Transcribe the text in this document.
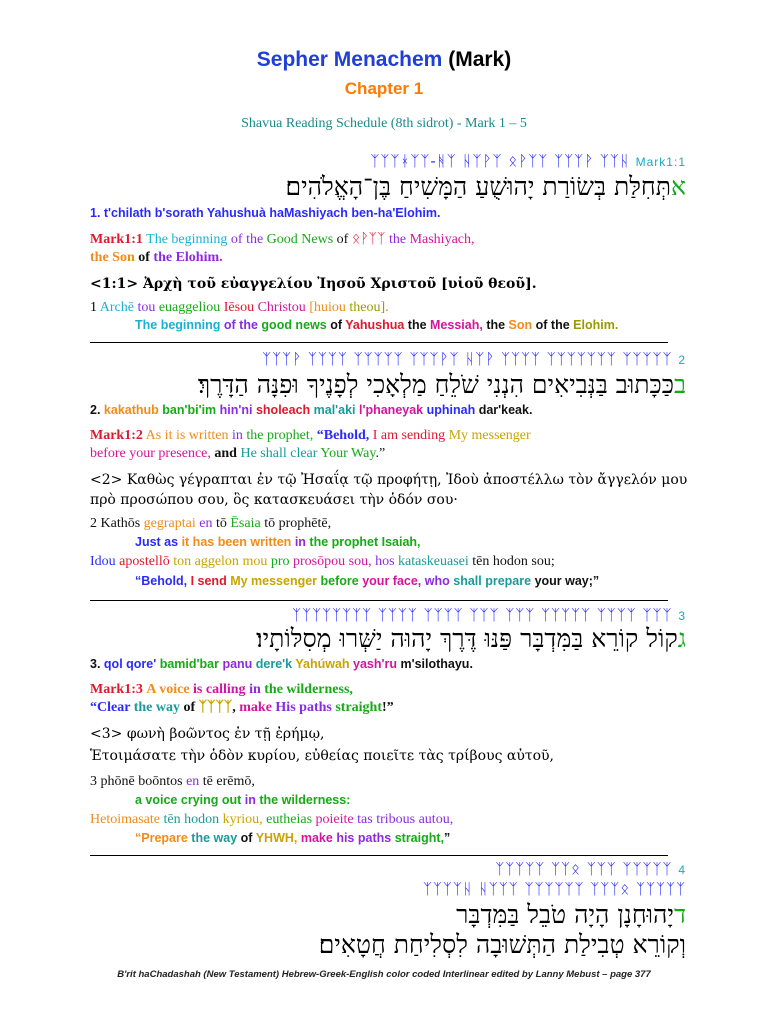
Sepher Menachem (Mark)
Chapter 1
Shavua Reading Schedule (8th sidrot) - Mark 1 – 5
ᛉᛉᛉᚼᛉᛉ-ᚻᛉ ᚺᛉᚹᛉ ᛟᚹᛉᛉ ᛉᛉᛉᚹ ᛉᛉᚺ Mark1:1
אתְּחִלַּת בְּשׂוֹרַת יָהוּשֻׁעַ הַמָּשִׁיחַ בֶּן־הָאֱלֹהִים׃
1. t'chilath b'sorath Yahushuà haMashiyach ben-ha'Elohim.
Mark1:1 The beginning of the Good News of ᛟᚹᛉᛉ the Mashiyach,
the Son of the Elohim.
<1:1> Ἀρχὴ τοῦ εὐαγγελίου Ἰησοῦ Χριστοῦ [υἱοῦ θεοῦ].
1 Archē tou euaggeliou Iēsou Christou [huiou theou].
The beginning of the good news of Yahushua the Messiah, the Son of the Elohim.
ᛉᛉᛉᚹ ᛉᛉᛉᛉ ᛉᛉᛉᛉᛉ ᛉᛉᛉᚹᛉ ᚺᛉᚹ ᛉᛉᛉᛉ ᛉᛉᛉᛉᛉᛉᛉ ᛉᛉᛉᛉᛉ 2
בכַּכָּתוּב בַּנְּבִיאִים הִנְנִי שֹׁלֵחַ מַלְאָכִי לְפָנֶיךָ וּפִנָּה הַדָּרֶךְ׃
2. kakathub ban'bi'im hin'ni sholeach mal'aki l'phaneyak uphinah dar'keak.
Mark1:2 As it is written in the prophet, “Behold, I am sending My messenger
before your presence, and He shall clear Your Way.”
<2> Καθὼς γέγραπται ἐν τῷ Ἠσαΐᾳ τῷ προφήτῃ, Ἰδοὺ ἀποστέλλω τὸν ἄγγελόν μου
πρὸ προσώπου σου, ὃς κατασκευάσει τὴν ὁδόν σου·
2 Kathōs gegraptai en tō Ēsaia tō prophētē,
Just as it has been written in the prophet Isaiah,
Idou apostellō ton aggelon mou pro prosōpou sou, hos kataskeuasei tēn hodon sou;
“Behold, I send My messenger before your face, who shall prepare your way;”
ᛉᛉᛉᛉᛉᛉᛉᛉ ᛉᛉᛉᛉ ᛉᛉᛉᛉ ᛉᛉᛉ ᛉᛉᛉ ᛉᛉᛉᛉᛉ ᛉᛉᛉᛉ ᛉᛉᛉ 3
גקוֹל קוֹרֵא בַּמִּדְבָּר פַּנּוּ דֶּרֶךְ יָהוּה יַשְּׁרוּ מְסִלּוֹתָיו׃
3. qol qore' bamid'bar panu dere'k Yahúwah yash'ru m'silothayu.
Mark1:3 A voice is calling in the wilderness,
“Clear the way of ᛉᛉᛉᛉ, make His paths straight!”
<3> φωνὴ βοῶντος ἐν τῇ ἐρήμῳ,
Ἑτοιμάσατε τὴν ὁδὸν κυρίου, εὐθείας ποιεῖτε τὰς τρίβους αὐτοῦ,
3 phōnē boōntos en tē erēmō,
a voice crying out in the wilderness:
Hetoimasate tēn hodon kyriou, eutheias poieite tas tribous autou,
“Prepare the way of YHWH, make his paths straight,”
ᛉᛉᛉᛉᛉ ᛉᛉᛟ ᛉᛉᛉ ᛉᛉᛉᛉᛉ 4
ᛉᛉᛉᛉᚺ ᚺᛉᛉᛉ ᛉᛉᛉᛉᛉᛉ ᛉᛉᛉᛟ ᛉᛉᛉᛉᛉ
דיָהוּחָנָן הָיָה טֹבֵל בַּמִּדְבָּר
וְקוֹרֵא טְבִילַת הַתְּשׁוּבָה לִסְלִיחַת חֲטָאִים׃
B'rit haChadashah (New Testament) Hebrew-Greek-English color coded Interlinear edited by Lanny Mebust – page 377
